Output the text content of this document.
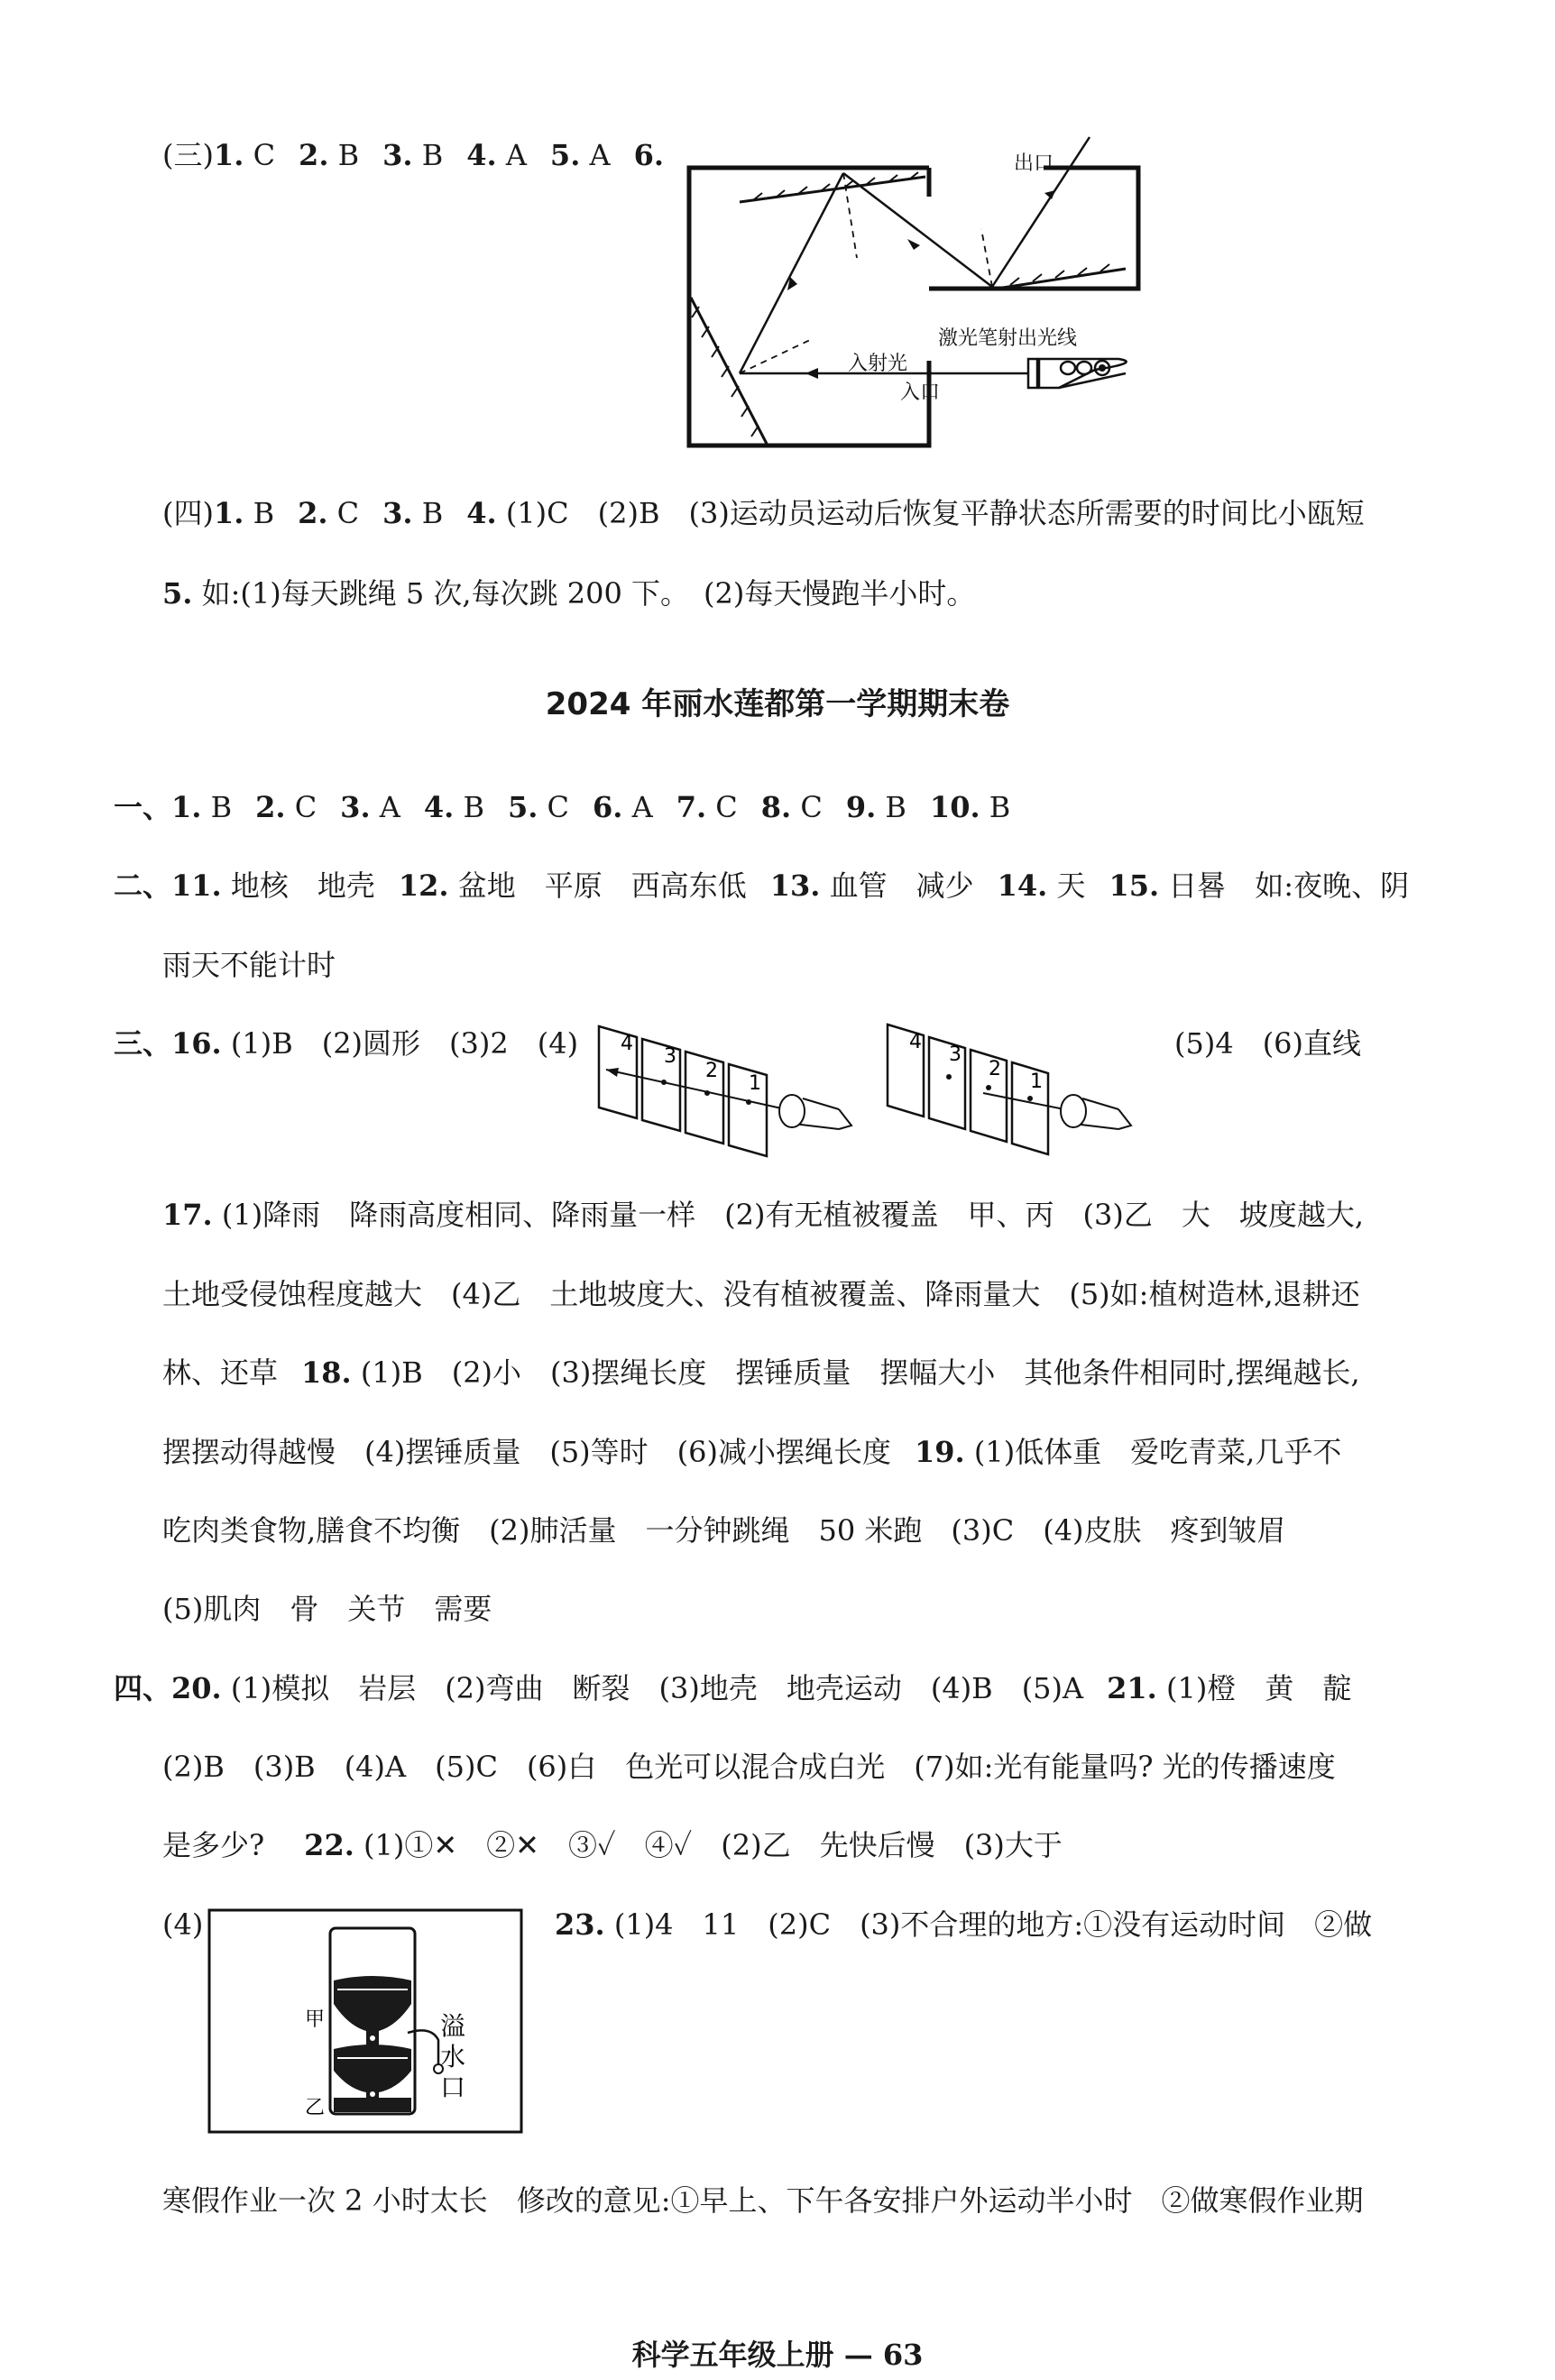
(三)1. C 2. B 3. B 4. A 5. A 6.	出口
激光笔射出光线
入射光
入口
(四)1. B 2. C 3. B 4. (1)C　(2)B　(3)运动员运动后恢复平静状态所需要的时间比小瓯短
5. 如:(1)每天跳绳 5 次,每次跳 200 下。　(2)每天慢跑半小时。
2024 年丽水莲都第一学期期末卷
一、1. B 2. C 3. A 4. B 5. C 6. A 7. C 8. C 9. B 10. B
二、11. 地核　地壳 12. 盆地　平原　西高东低 13. 血管　减少 14. 天 15. 日晷　如:夜晚、阴
雨天不能计时
三、16. (1)B　(2)圆形　(3)2　(4)	(5)4　(6)直线
4
3
2
1
4
3
2
1
17. (1)降雨　降雨高度相同、降雨量一样　(2)有无植被覆盖　甲、丙　(3)乙　大　坡度越大,
土地受侵蚀程度越大　(4)乙　土地坡度大、没有植被覆盖、降雨量大　(5)如:植树造林,退耕还
林、还草 18. (1)B　(2)小　(3)摆绳长度　摆锤质量　摆幅大小　其他条件相同时,摆绳越长,
摆摆动得越慢　(4)摆锤质量　(5)等时　(6)减小摆绳长度 19. (1)低体重　爱吃青菜,几乎不
吃肉类食物,膳食不均衡　(2)肺活量　一分钟跳绳　50 米跑　(3)C　(4)皮肤　疼到皱眉
(5)肌肉　骨　关节　需要
四、20. (1)模拟　岩层　(2)弯曲　断裂　(3)地壳　地壳运动　(4)B　(5)A 21. (1)橙　黄　靛
(2)B　(3)B　(4)A　(5)C　(6)白　色光可以混合成白光　(7)如:光有能量吗? 光的传播速度
是多少? 22. (1)①✕　②✕　③✓　④✓　(2)乙　先快后慢　(3)大于
(4)	23. (1)4　11　(2)C　(3)不合理的地方:①没有运动时间　②做
甲
乙
溢
水
口
寒假作业一次 2 小时太长　修改的意见:①早上、下午各安排户外运动半小时　②做寒假作业期
科学五年级上册 — 63
